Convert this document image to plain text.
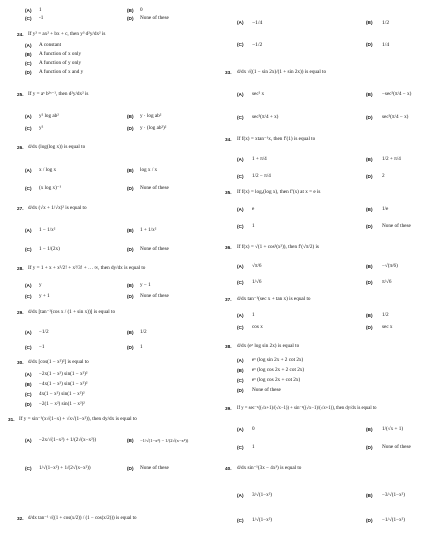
(A) 1	(B) 0
(C) -1	(D) None of these
24. If y² = ax² + bx + c, then y³ d²y/dx² is
(A) A constant
(B) A function of x only
(C) A function of y only
(D) A function of x and y
25. If y = aˣ b²ˣ⁻¹, then d²y/dx² is
(A) y² log ab²	(B) y · log ab²
(C) y²	(D) y · (log ab²)²
26. d/dx (log(log x)) is equal to
(A) x / log x	(B) log x / x
(C) (x log x)⁻¹	(D) None of these
27. d/dx (√x + 1/√x)² is equal to
(A) 1 − 1/x²	(B) 1 + 1/x²
(C) 1 − 1/(2x)	(D) None of these
28. If y = 1 + x + x²/2! + x³/3! + … ∞, then dy/dx is equal to
(A) y	(B) y − 1
(C) y + 1	(D) None of these
29. d/dx [tan⁻¹(cos x / (1 + sin x))] is equal to
(A) −1/2	(B) 1/2
(C) −1	(D) 1
30. d/dx [cos(1 − x²)²] is equal to
(A) −2x(1 − x²) sin(1 − x²)²
(B) −4x(1 − x²) sin(1 − x²)²
(C) 4x(1 − x²) sin(1 − x²)²
(D) −2(1 − x²) sin(1 − x²)²
31. If y = sin⁻¹(x√(1−x) + √x√(1−x²)), then dy/dx is equal to
(A) −2x/√(1−x²) + 1/(2√(x−x²))	(B) −1/√(1−x²) − 1/(2√(x−x²))
(C) 1/√(1−x²) + 1/(2√(x−x²))	(D) None of these
32. d/dx tan⁻¹ √((1 + cos(x/2)) / (1 − cos(x/2))) is equal to
(A) −1/4	(B) 1/2
(C) −1/2	(D) 1/4
33. d/dx √((1 − sin 2x)/(1 + sin 2x)) is equal to
(A) sec² x	(B) −sec²(π/4 − x)
(C) sec²(π/4 + x)	(D) sec²(π/4 − x)
34. If f(x) = xtan⁻¹x, then f′(1) is equal to
(A) 1 + π/4	(B) 1/2 + π/4
(C) 1/2 − π/4	(D) 2
35. If f(x) = logₓ(log x), then f′(x) at x = e is
(A) e	(B) 1/e
(C) 1	(D) None of these
36. If f(x) = √(1 + cos²(x²)), then f′(√π/2) is
(A) √π/6	(B) −√(π/6)
(C) 1/√6	(D) π/√6
37. d/dx tan⁻¹(sec x + tan x) is equal to
(A) 1	(B) 1/2
(C) cos x	(D) sec x
38. d/dx (eˣ log sin 2x) is equal to
(A) eˣ (log sin 2x + 2 cot 2x)
(B) eˣ (log cos 2x + 2 cot 2x)
(C) eˣ (log cos 2x + cot 2x)
(D) None of these
39. If y = sec⁻¹((√x+1)/(√x−1)) + sin⁻¹((√x−1)/(√x+1)), then dy/dx is equal to
(A) 0	(B) 1/(√x + 1)
(C) 1	(D) None of these
40. d/dx sin⁻¹(3x − 4x³) is equal to
(A) 3/√(1−x²)	(B) −3/√(1−x²)
(C) 1/√(1−x²)	(D) −1/√(1−x²)
